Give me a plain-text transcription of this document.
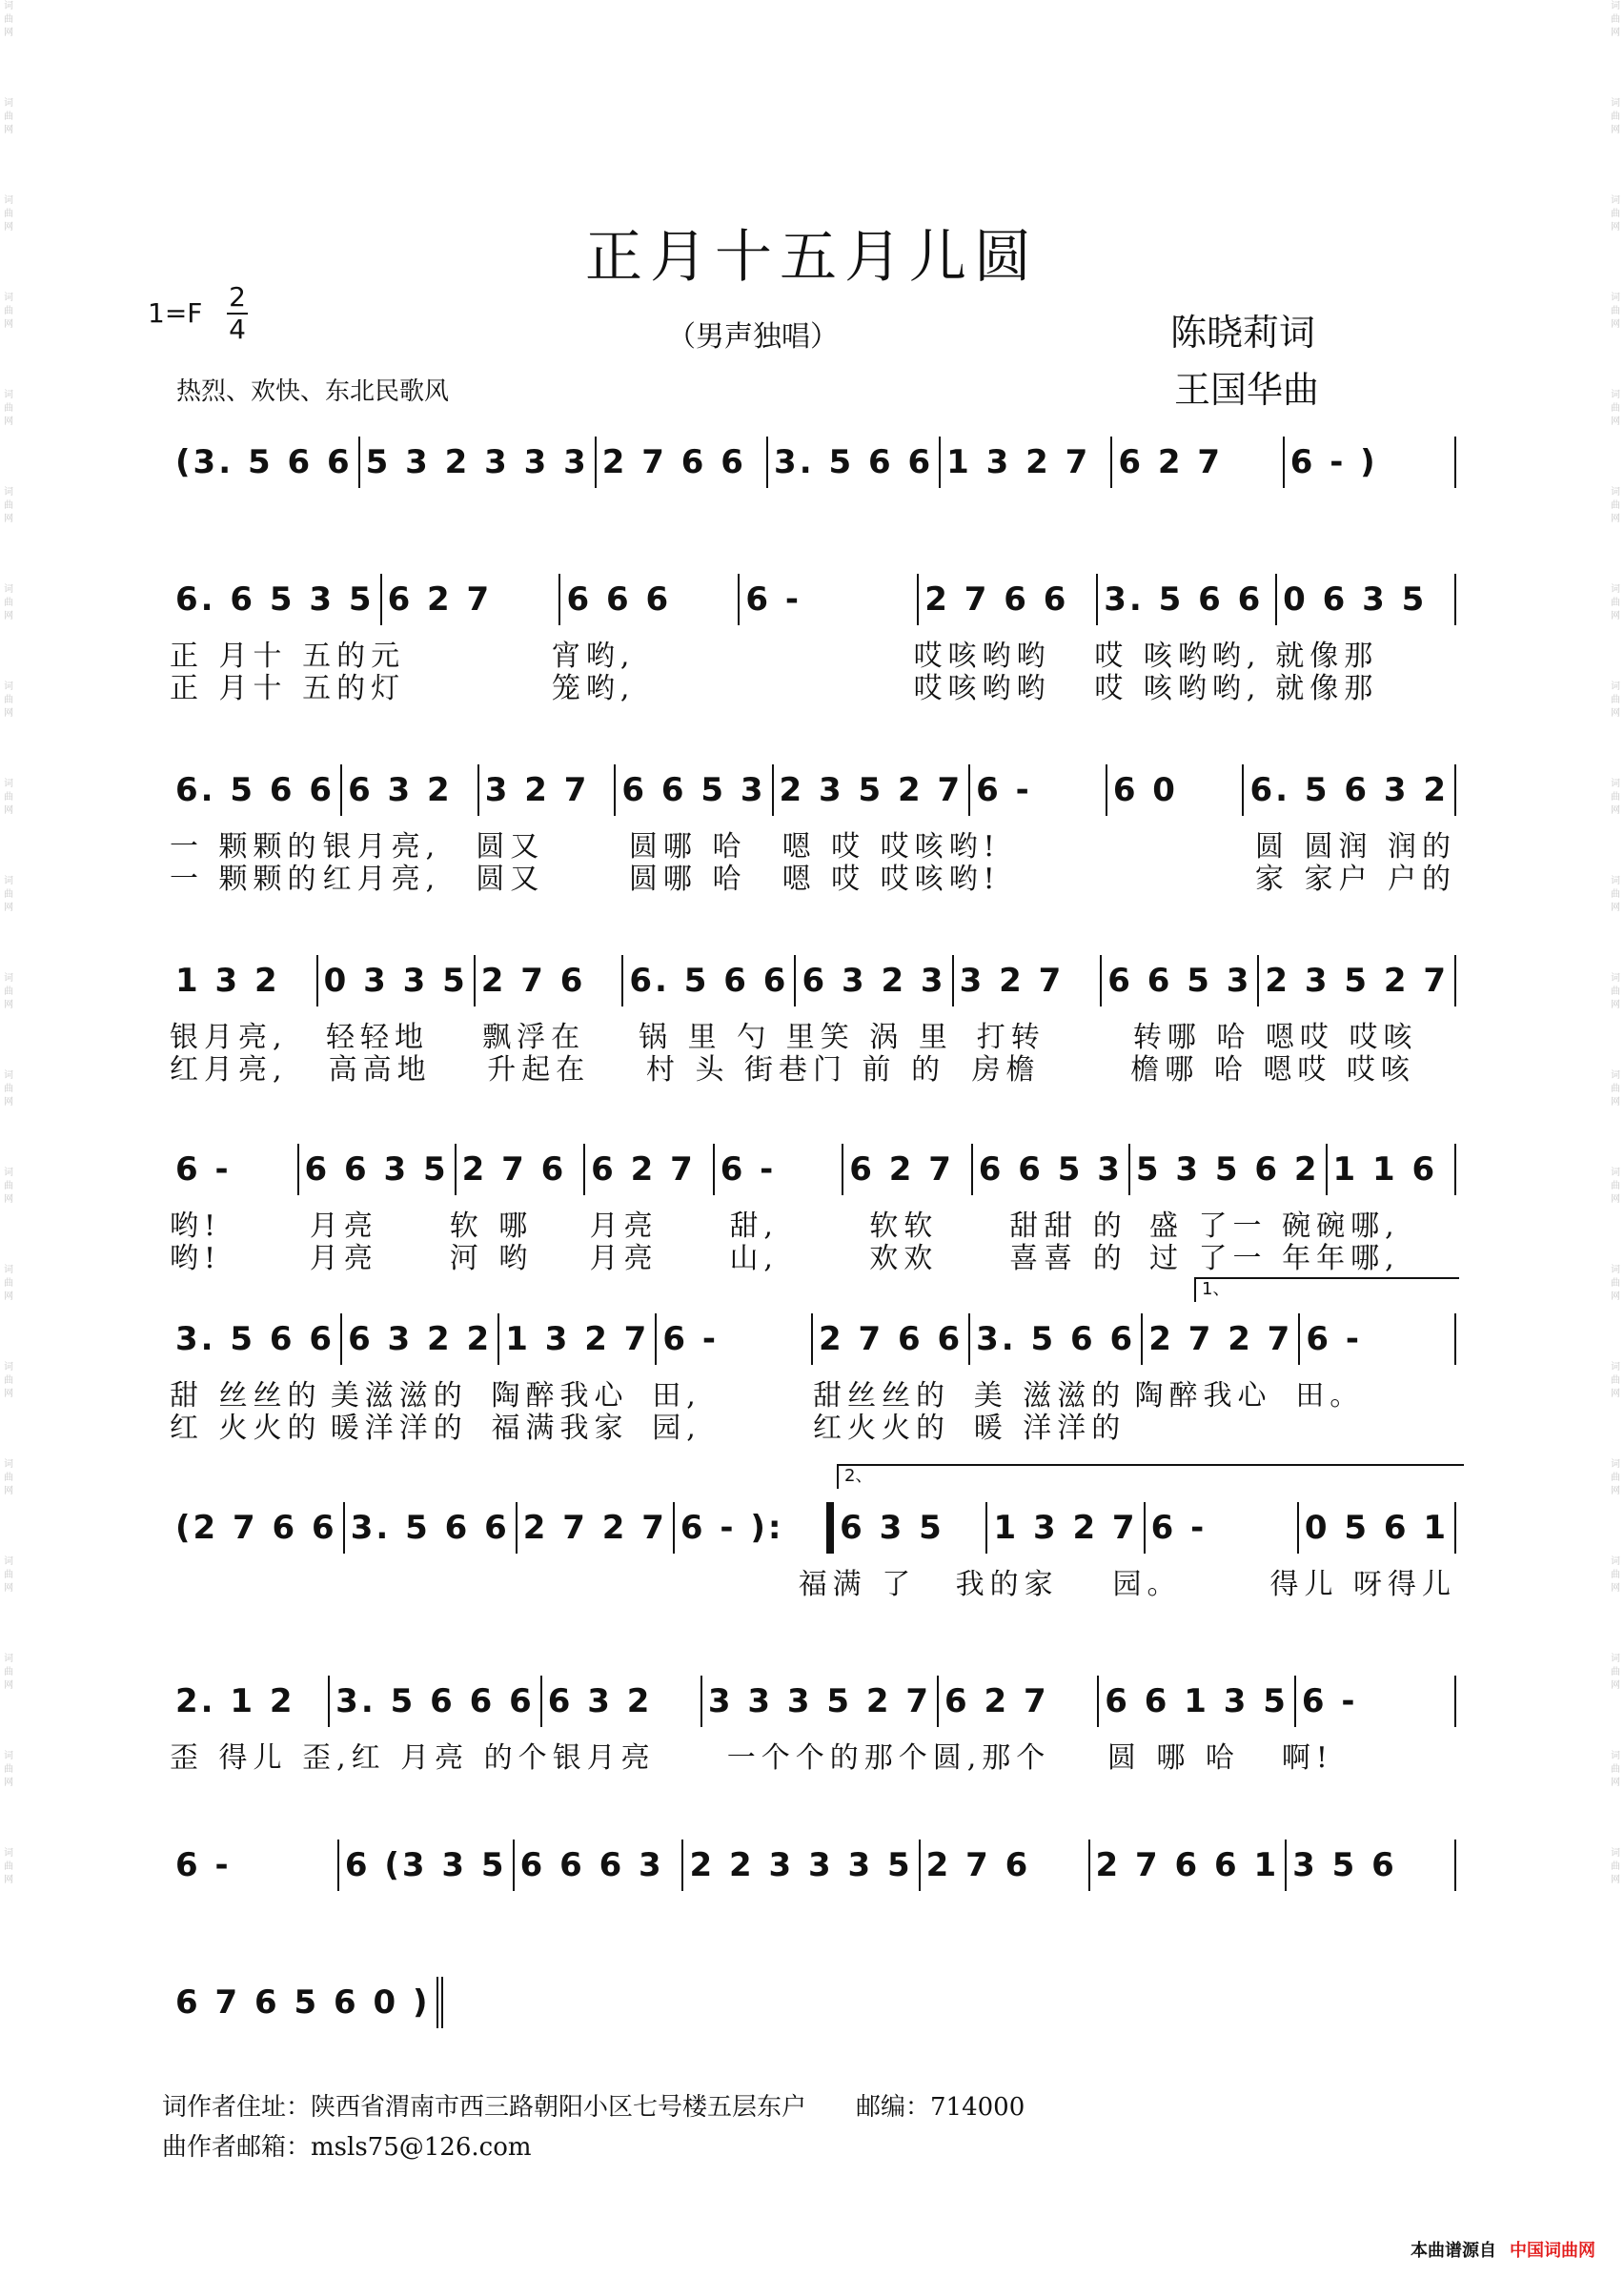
词曲网
词曲网
词曲网
词曲网
词曲网
词曲网
词曲网
词曲网
词曲网
词曲网
词曲网
词曲网
词曲网
词曲网
词曲网
词曲网
词曲网
词曲网
词曲网
词曲网
词曲网
词曲网
词曲网
词曲网
词曲网
词曲网
词曲网
词曲网
词曲网
词曲网
词曲网
词曲网
词曲网
词曲网
词曲网
词曲网
词曲网
词曲网
词曲网
词曲网
正月十五月儿圆
1=F
2
4	（男声独唱）	陈晓莉词
王国华曲
热烈、欢快、东北民歌风
(3. 5 6 6 5 3 2 3 3 3 2 7 6 6 3. 5 6 6 1 3 2 7 6 2 7 6 - )
6. 6 5 3 5 6 2 7 6 6 6 6 -	2 7 6 6 3. 5 6 6 0 6 3 5
正 月十 五的 元	宵哟,	哎咳哟哟	哎 咳哟哟, 就像那
正 月十 五的 灯	笼哟,	哎咳哟哟	哎 咳哟哟, 就像那
6. 5 6 6 6 3 2 3 2 7 6 6 5 3 2 3 5 2 7 6 -	6 0 6. 5 6 3 2
一 颗颗的 银月亮,	圆又	圆哪 哈	嗯 哎 哎咳 哟!	圆 圆润 润的
一 颗颗的 红月亮,	圆又	圆哪 哈	嗯 哎 哎咳 哟!	家 家户 户的
1 3 2 0 3 3 5 2 7 6 6. 5 6 6 6 3 2 3 3 2 7 6 6 5 3 2 3 5 2 7
银月亮,	轻轻地	飘浮在	锅 里 勺 里 笑 涡 里 打转	转哪 哈 嗯 哎 哎咳
红月亮,	高高地	升起在	村 头 街巷 门 前 的 房檐	檐哪 哈 嗯 哎 哎咳
6 - 6 6 3 5 2 7 6 6 2 7 6 - 6 2 7 6 6 5 3 5 3 5 6 2 1 1 6
哟!	月亮	软 哪	月亮	甜,	软软	甜甜 的 盛 了一 碗 碗哪,
哟!	月亮	河 哟	月亮	山,	欢欢	喜喜 的 过 了一 年 年哪,
1、
3. 5 6 6 6 3 2 2 1 3 2 7 6 -	2 7 6 6 3. 5 6 6 2 7 2 7 6 -
甜 丝丝的 美滋滋的 陶醉我心 田,	甜丝丝的 美 滋滋的 陶醉我心 田。
红 火火的 暖洋洋的 福满我家 园,	红火火的 暖 洋洋的
2、
(2 7 6 6 3. 5 6 6 2 7 2 7 6 - ): 6 3 5 1 3 2 7 6 -	0 5 6 1
福满 了	我的家	园。	得儿 呀得儿
2. 1 2 3. 5 6 6 6 6 3 2 3 3 3 5 2 7 6 2 7 6 6 1 3 5 6 -
歪 得儿 歪, 红 月亮 的个 银月亮	一个个的那个 圆,那个	圆 哪 哈	啊!
6 -	6 (3 3 5 6 6 6 3 2 2 3 3 3 5 2 7 6 2 7 6 6 1 3 5 6
6 7 6 5 6 0 )
词作者住址：陕西省渭南市西三路朝阳小区七号楼五层东户　　邮编：714000
曲作者邮箱：msls75@126.com
本曲谱源自 中国词曲网
